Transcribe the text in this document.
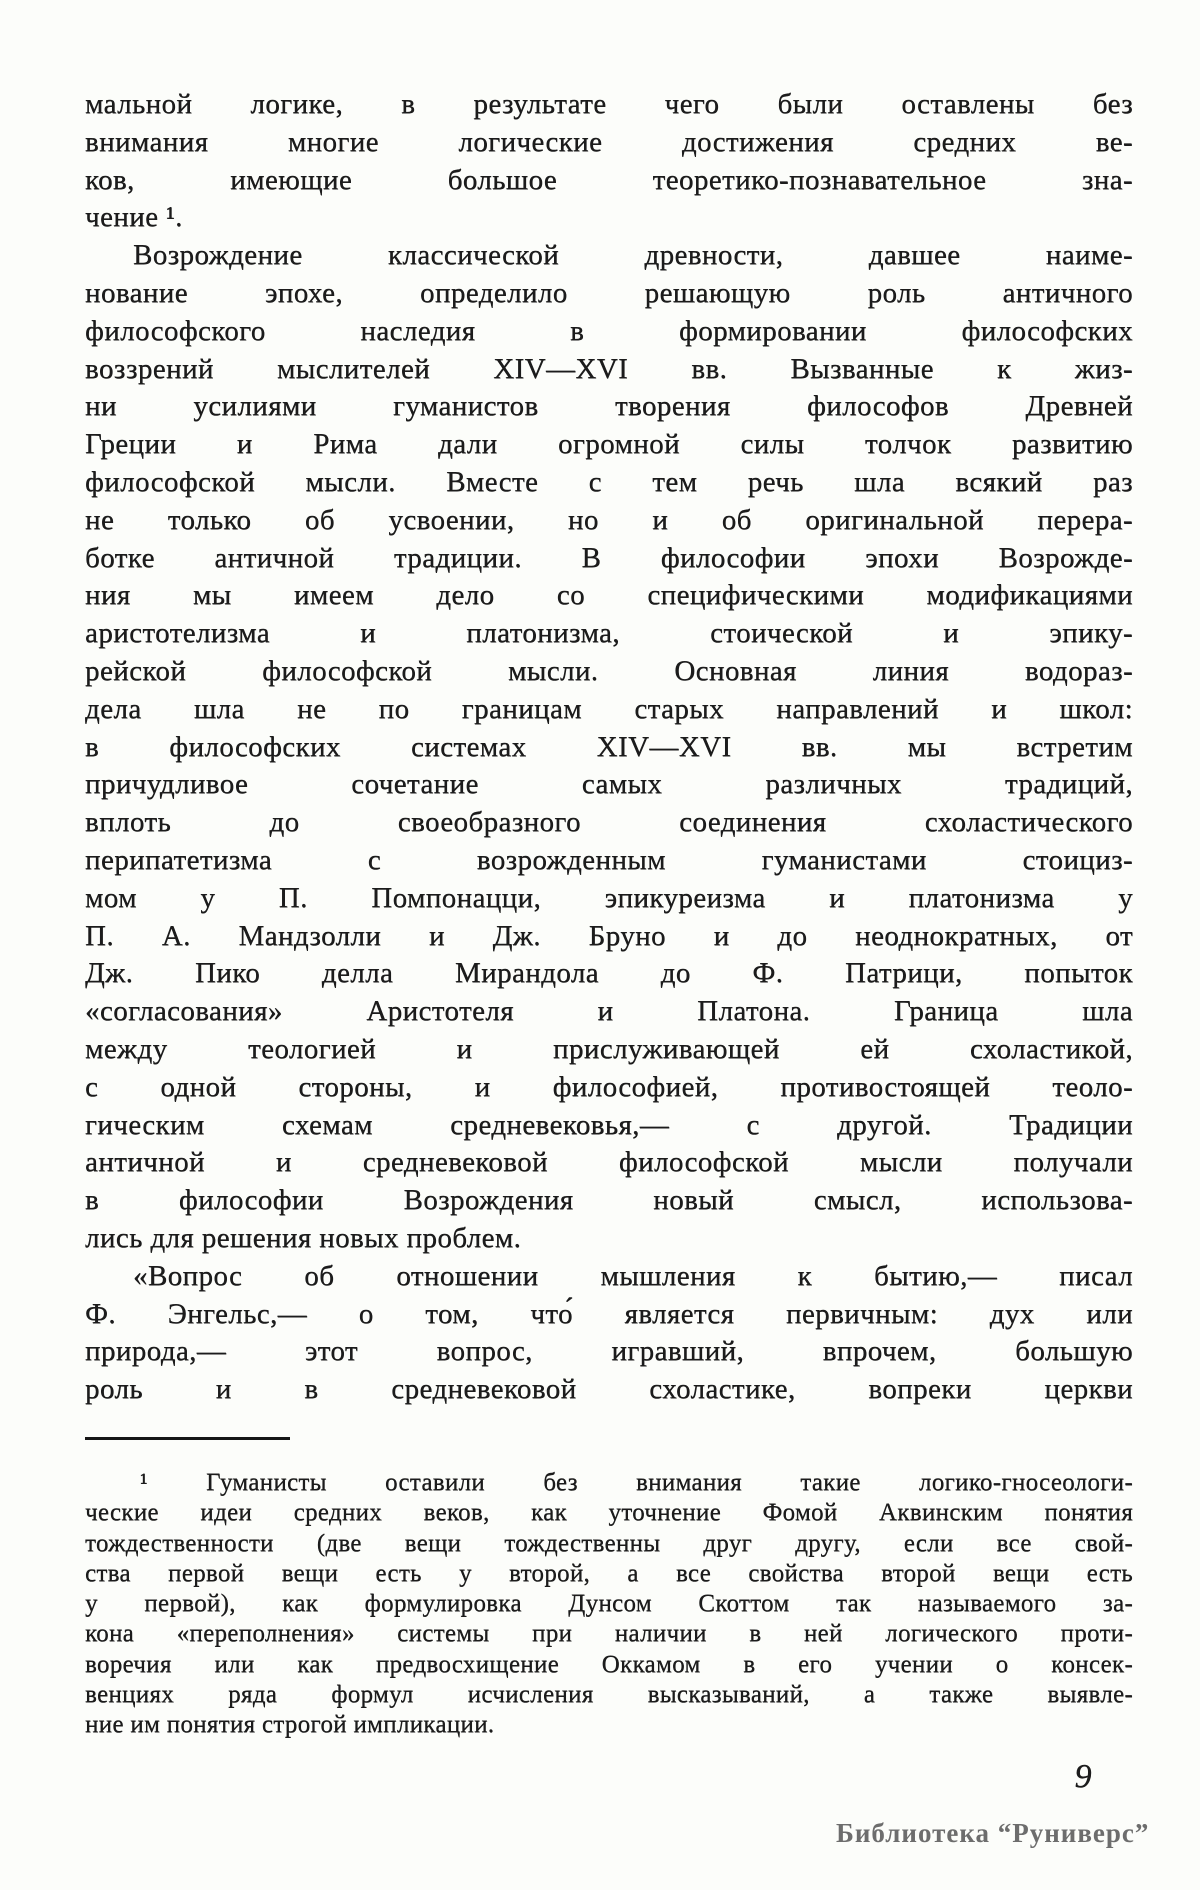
мальной логике, в результате чего были оставлены без
внимания многие логические достижения средних ве-
ков, имеющие большое теоретико-познавательное зна-
чение ¹.
Возрождение классической древности, давшее наиме-
нование эпохе, определило решающую роль античного
философского наследия в формировании философских
воззрений мыслителей XIV—XVI вв. Вызванные к жиз-
ни усилиями гуманистов творения философов Древней
Греции и Рима дали огромной силы толчок развитию
философской мысли. Вместе с тем речь шла всякий раз
не только об усвоении, но и об оригинальной перера-
ботке античной традиции. В философии эпохи Возрожде-
ния мы имеем дело со специфическими модификациями
аристотелизма и платонизма, стоической и эпику-
рейской философской мысли. Основная линия водораз-
дела шла не по границам старых направлений и школ:
в философских системах XIV—XVI вв. мы встретим
причудливое сочетание самых различных традиций,
вплоть до своеобразного соединения схоластического
перипатетизма с возрожденным гуманистами стоициз-
мом у П. Помпонацци, эпикуреизма и платонизма у
П. А. Мандзолли и Дж. Бруно и до неоднократных, от
Дж. Пико делла Мирандола до Ф. Патрици, попыток
«согласования» Аристотеля и Платона. Граница шла
между теологией и прислуживающей ей схоластикой,
с одной стороны, и философией, противостоящей теоло-
гическим схемам средневековья,— с другой. Традиции
античной и средневековой философской мысли получали
в философии Возрождения новый смысл, использова-
лись для решения новых проблем.
«Вопрос об отношении мышления к бытию,— писал
Ф. Энгельс,— о том, что́ является первичным: дух или
природа,— этот вопрос, игравший, впрочем, большую
роль и в средневековой схоластике, вопреки церкви
¹ Гуманисты оставили без внимания такие логико-гносеологи-
ческие идеи средних веков, как уточнение Фомой Аквинским понятия
тождественности (две вещи тождественны друг другу, если все свой-
ства первой вещи есть у второй, а все свойства второй вещи есть
у первой), как формулировка Дунсом Скоттом так называемого за-
кона «переполнения» системы при наличии в ней логического проти-
воречия или как предвосхищение Оккамом в его учении о консек-
венциях ряда формул исчисления высказываний, а также выявле-
ние им понятия строгой импликации.
9
Библиотека “Руниверс”
